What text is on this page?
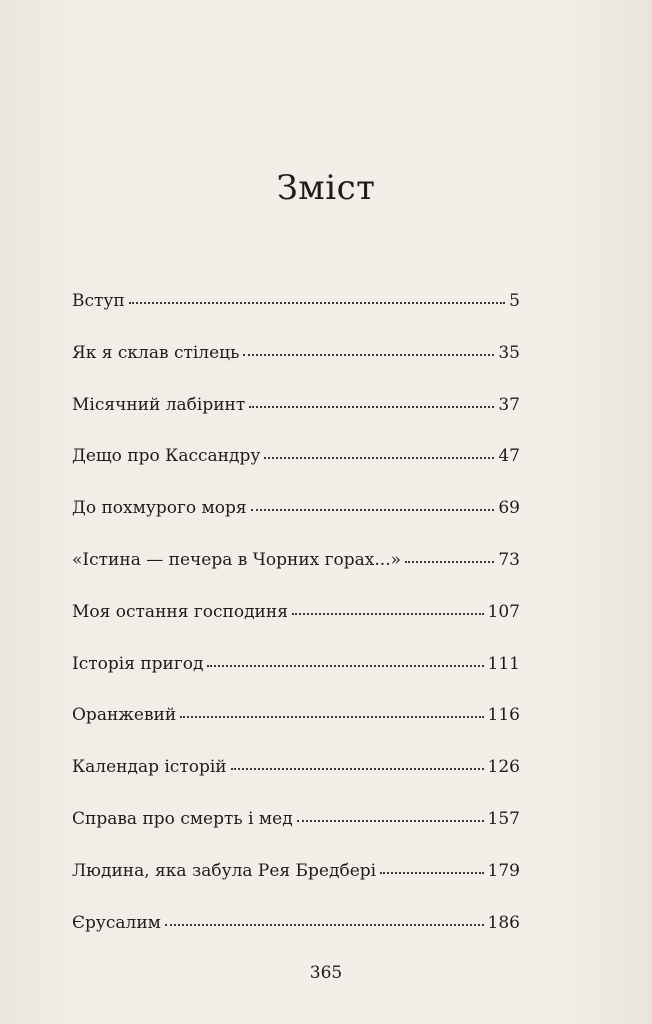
Зміст
Вступ	5
Як я склав стілець	35
Місячний лабіринт	37
Дещо про Кассандру	47
До похмурого моря	69
«Істина — печера в Чорних горах...»	73
Моя остання господиня	107
Історія пригод	111
Оранжевий	116
Календар історій	126
Справа про смерть і мед	157
Людина, яка забула Рея Бредбері	179
Єрусалим	186
365
